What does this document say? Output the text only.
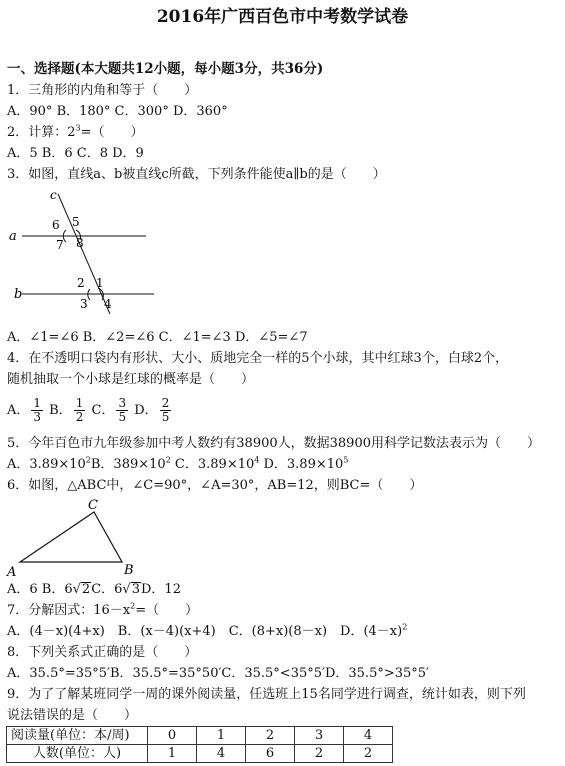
2016年广西百色市中考数学试卷
一、选择题(本大题共12小题，每小题3分，共36分)
1．三角形的内角和等于（　　）
A．90° B．180° C．300° D．360°
2．计算：$2^3=$（　　）
A．5 B．6 C．8 D．9
3．如图，直线a、b被直线c所截，下列条件能使a∥b的是（　　）
c
a
b
5
6
7 8
1
2
3 4
A．∠1=∠6 B．∠2=∠6 C．∠1=∠3 D．∠5=∠7
4．在不透明口袋内有形状、大小、质地完全一样的5个小球，其中红球3个，白球2个，
随机抽取一个小球是红球的概率是（　　）
A． $\frac{1}{3}$ B． $\frac{1}{2}$ C． $\frac{3}{5}$ D． $\frac{2}{5}$
5．今年百色市九年级参加中考人数约有38900人，数据38900用科学记数法表示为（　　）
A．$3.89\times 10^2B$．$389\times 10^2$ C．$3.89\times 10^4$ D．$3.89\times 10^5$
6．如图，△ABC中，∠C=90°，∠A=30°，AB=12，则BC=（　　）
C
A	B
A．6 B．6√2C．6√3D．12
7．分解因式：$16-x^2=$（　　）
A．(4－x)(4+x)　B．(x－4)(x+4)　C．(8+x)(8－x)　D．$(4-x)^2$
8．下列关系式正确的是（　　）
A．35.5°=35°5′B．35.5°=35°50′C．35.5°<35°5′D．35.5°>35°5′
9．为了了解某班同学一周的课外阅读量，任选班上15名同学进行调查，统计如表，则下列
说法错误的是（　　）
阅读量(单位：本/周)	0	1	2	3	4
人数(单位：人)	1	4	6	2	2
